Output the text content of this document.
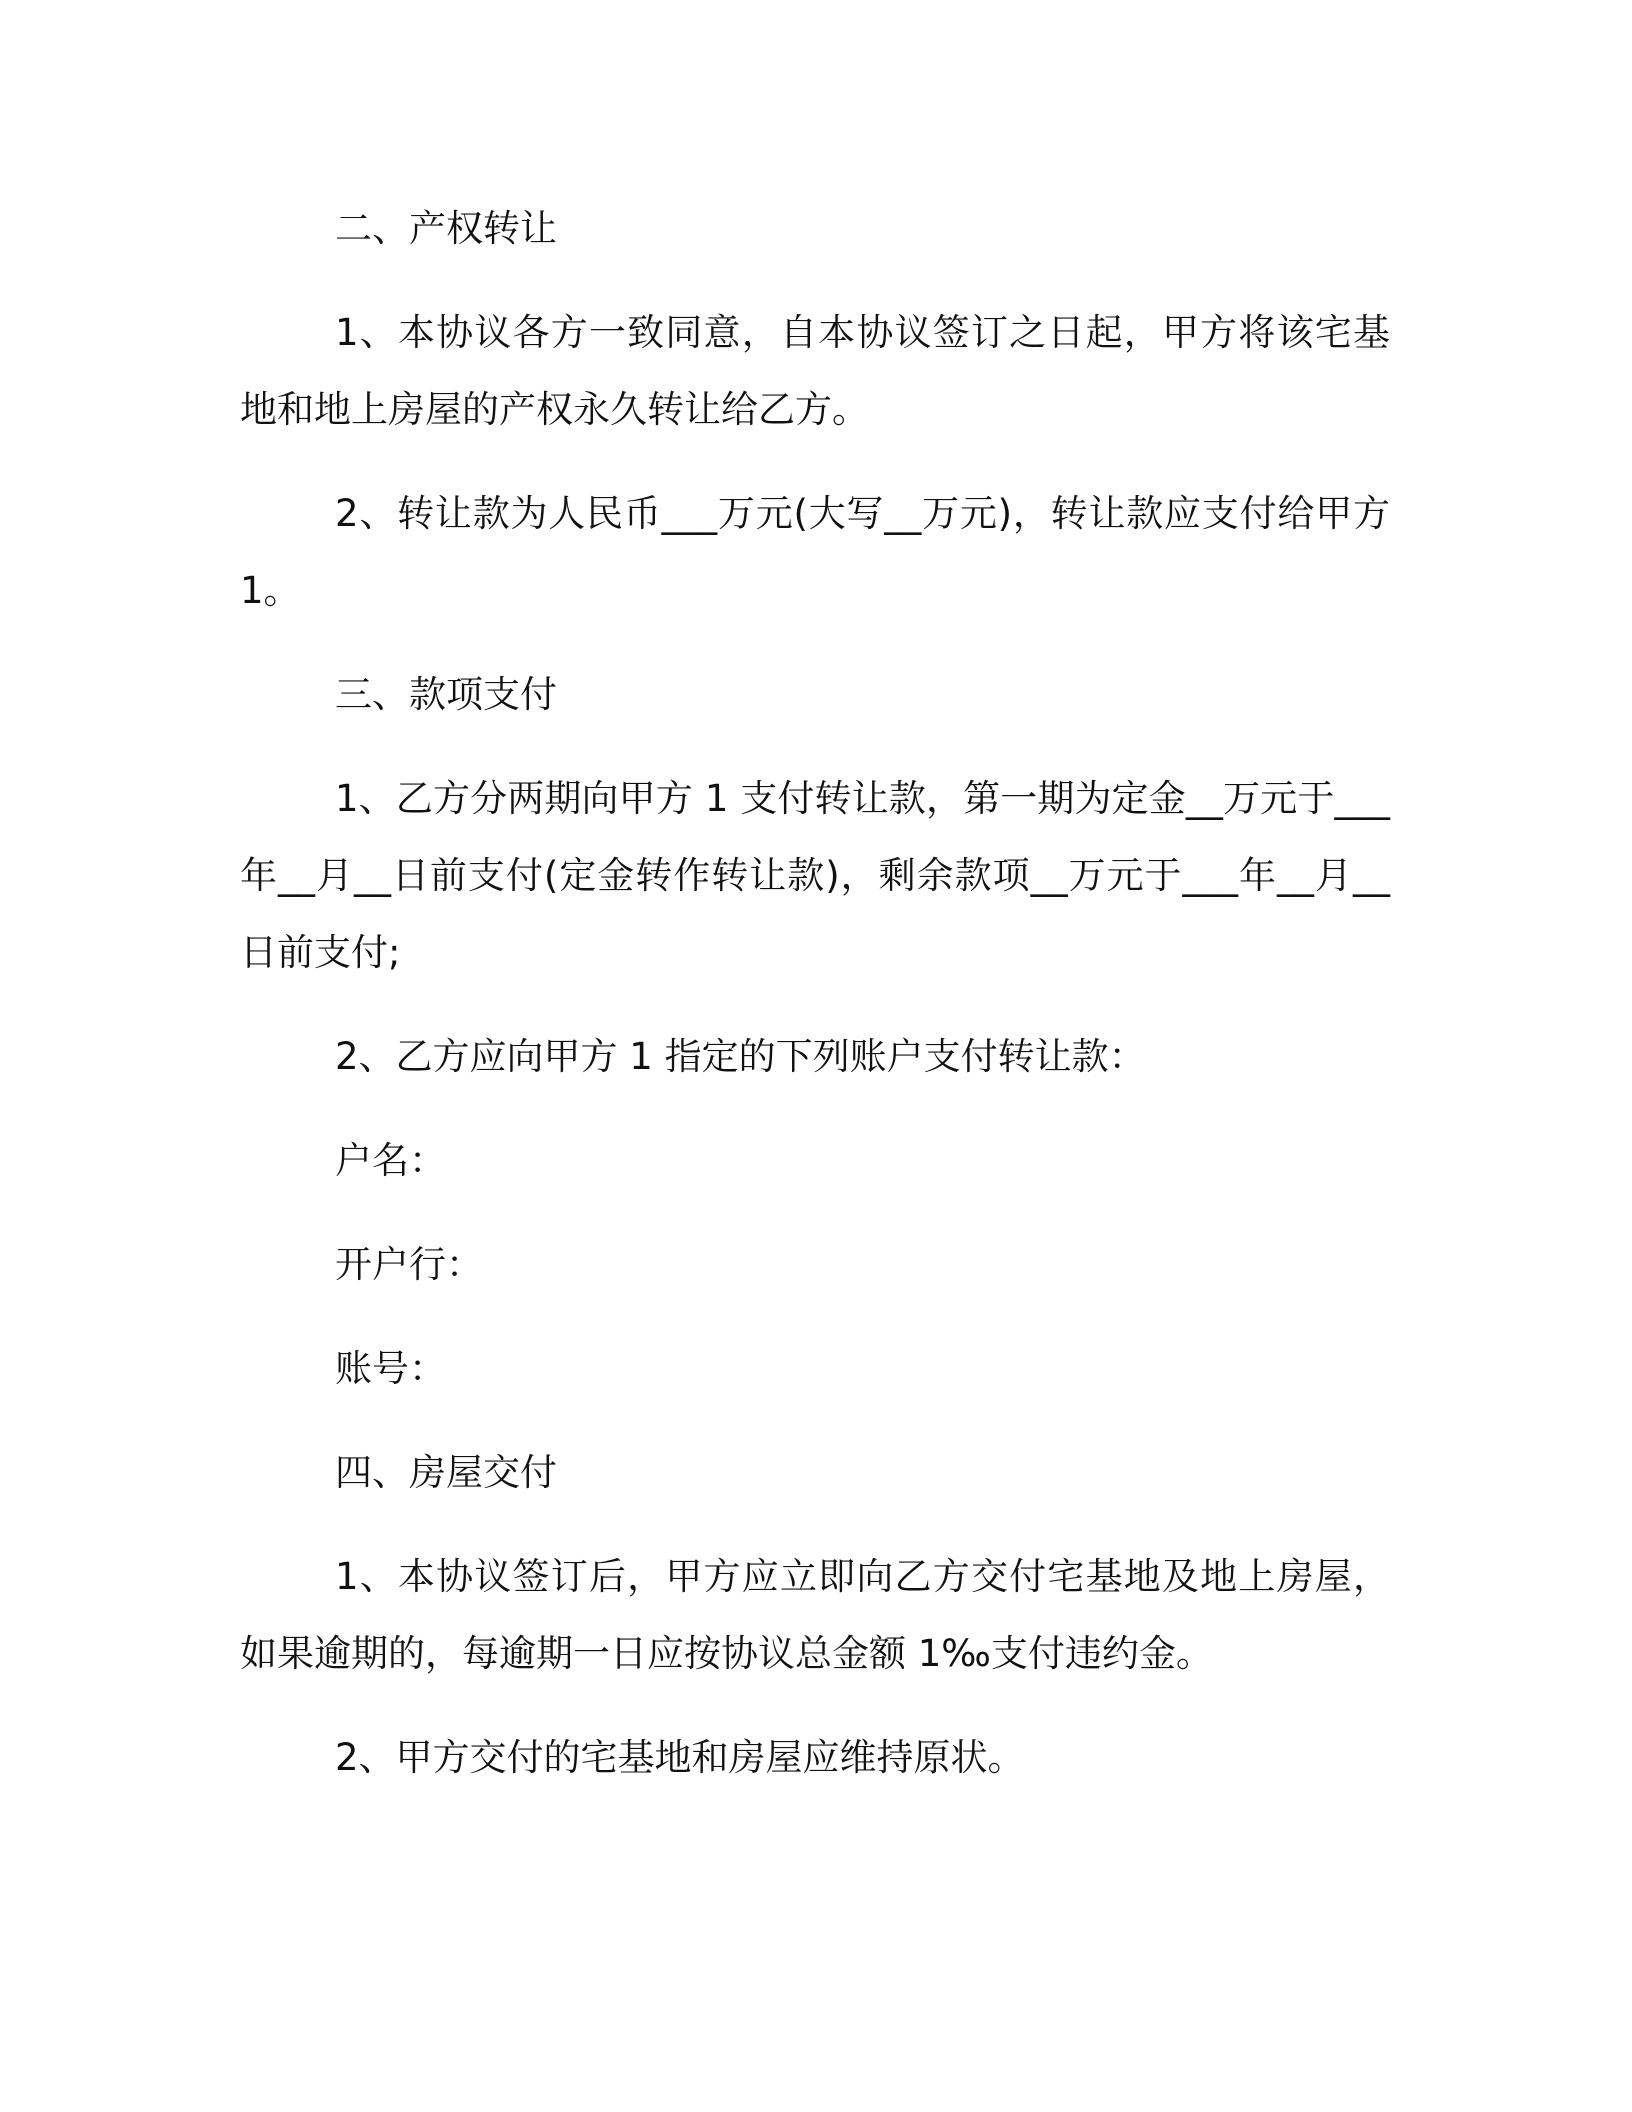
二、产权转让

1、本协议各方一致同意，自本协议签订之日起，甲方将该宅基地和地上房屋的产权永久转让给乙方。

2、转让款为人民币___万元(大写__万元)，转让款应支付给甲方1。

三、款项支付

1、乙方分两期向甲方 1 支付转让款，第一期为定金__万元于___年__月__日前支付(定金转作转让款)，剩余款项__万元于___年__月__日前支付;

2、乙方应向甲方 1 指定的下列账户支付转让款：

户名：

开户行：

账号：

四、房屋交付

1、本协议签订后，甲方应立即向乙方交付宅基地及地上房屋，如果逾期的，每逾期一日应按协议总金额 1‰支付违约金。

2、甲方交付的宅基地和房屋应维持原状。
